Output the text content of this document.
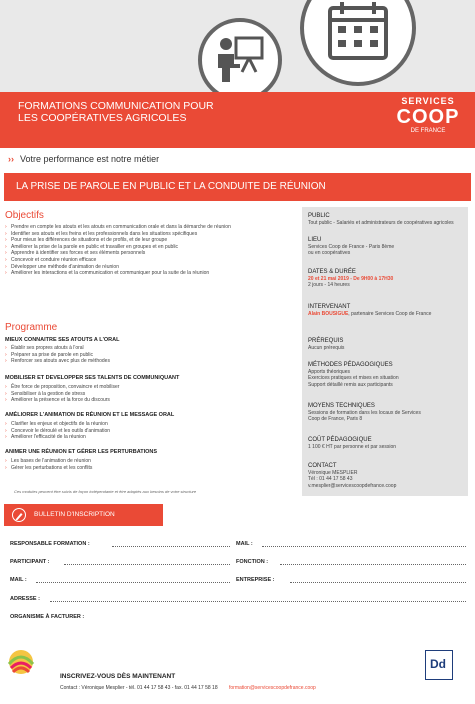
FORMATIONS COMMUNICATION POUR
LES COOPÉRATIVES AGRICOLES
SERVICES
COOP
DE FRANCE
›› Votre performance est notre métier
LA PRISE DE PAROLE EN PUBLIC ET LA CONDUITE DE RÉUNION
Objectifs
› Prendre en compte les atouts et les atouts en communication orale et dans la démarche de réunion
› Identifier ses atouts et les freins et les professionnels dans les situations spécifiques
› Pour mieux les différences de situations et de profils, et de leur groupe
› Améliorer la prise de la parole en public et travailler en groupes et en public
› Apprendre à identifier ses forces et ses éléments personnels
› Concevoir et conduire réunion efficace
› Développer une méthode d'animation de réunion
› Améliorer les interactions et la communication et communiquer pour la suite de la réunion
Programme
MIEUX CONNAITRE SES ATOUTS A L'ORAL
› Établir ses propres atouts à l'oral
› Préparer sa prise de parole en public
› Renforcer ses atouts avec plus de méthodes
MOBILISER ET DEVELOPPER SES TALENTS DE COMMUNIQUANT
› Être force de proposition, convaincre et mobiliser
› Sensibiliser à la gestion de stress
› Améliorer la présence et la force du discours
AMÉLIORER L'ANIMATION DE RÉUNION ET LE MESSAGE ORAL
› Clarifier les enjeux et objectifs de la réunion
› Concevoir le déroulé et les outils d'animation
› Améliorer l'efficacité de la réunion
ANIMER UNE RÉUNION ET GÉRER LES PERTURBATIONS
› Les bases de l'animation de réunion
› Gérer les perturbations et les conflits
Ces modules peuvent être suivis de façon indépendante et être adaptés aux besoins de votre structure
PUBLIC
Tout public - Salariés et administrateurs de coopératives agricoles
LIEU
Services Coop de France - Paris 8ème
ou en coopératives
DATES & DURÉE
20 et 21 mai 2019 - De 9H00 à 17H30
2 jours - 14 heures
INTERVENANT
Alain BOUSIGUE, partenaire Services Coop de France
PRÉREQUIS
Aucun prérequis
MÉTHODES PÉDAGOGIQUES
Apports théoriques
Exercices pratiques et mises en situation
Support détaillé remis aux participants
MOYENS TECHNIQUES
Sessions de formation dans les locaux de Services
Coop de France, Paris 8
COÛT PÉDAGOGIQUE
1 100 € HT par personne et par session
CONTACT
Véronique MESPLIER
Tél : 01 44 17 58 43
v.mesplier@servicescoopdefrance.coop
BULLETIN D'INSCRIPTION
RESPONSABLE FORMATION :	MAIL :
PARTICIPANT :	FONCTION :
MAIL :	ENTREPRISE :
ADRESSE :
ORGANISME À FACTURER :
INSCRIVEZ-VOUS DÈS MAINTENANT
Contact : Véronique Mesplier - tél. 01 44 17 58 43 - fax. 01 44 17 58 18 formation@servicescoopdefrance.coop
Dd
